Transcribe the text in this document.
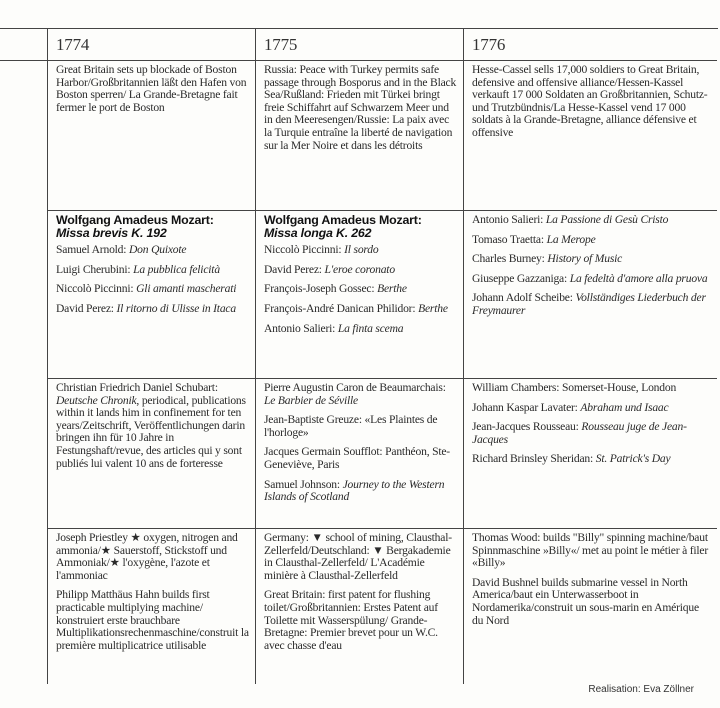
1774	1775	1776
Great Britain sets up blockade of Boston Harbor/Großbritannien läßt den Hafen von Boston sperren/ La Grande-Bretagne fait fermer le port de Boston
Russia: Peace with Turkey permits safe passage through Bosporus and in the Black Sea/Rußland: Frieden mit Türkei bringt freie Schiffahrt auf Schwarzem Meer und in den Meeresengen/Russie: La paix avec la Turquie entraîne la liberté de navigation sur la Mer Noire et dans les détroits
Hesse-Cassel sells 17,000 soldiers to Great Britain, defensive and offensive alliance/Hessen-Kassel verkauft 17 000 Soldaten an Großbritannien, Schutz- und Trutzbündnis/La Hesse-Kassel vend 17 000 soldats à la Grande-Bretagne, alliance défensive et offensive
Wolfgang Amadeus Mozart:
Missa brevis K. 192
Samuel Arnold: Don Quixote
Luigi Cherubini: La pubblica felicità
Niccolò Piccinni: Gli amanti mascherati
David Perez: Il ritorno di Ulisse in Itaca
Wolfgang Amadeus Mozart:
Missa longa K. 262
Niccolò Piccinni: Il sordo
David Perez: L'eroe coronato
François-Joseph Gossec: Berthe
François-André Danican Philidor: Berthe
Antonio Salieri: La finta scema
Antonio Salieri: La Passione di Gesù Cristo
Tomaso Traetta: La Merope
Charles Burney: History of Music
Giuseppe Gazzaniga: La fedeltà d'amore alla pruova
Johann Adolf Scheibe: Vollständiges Liederbuch der Freymaurer
Christian Friedrich Daniel Schubart: Deutsche Chronik, periodical, publications within it lands him in confinement for ten years/Zeitschrift, Veröffentlichungen darin bringen ihn für 10 Jahre in Festungshaft/revue, des articles qui y sont publiés lui valent 10 ans de forteresse
Pierre Augustin Caron de Beaumarchais: Le Barbier de Séville
Jean-Baptiste Greuze: «Les Plaintes de l'horloge»
Jacques Germain Soufflot: Panthéon, Ste-Geneviève, Paris
Samuel Johnson: Journey to the Western Islands of Scotland
William Chambers: Somerset-House, London
Johann Kaspar Lavater: Abraham und Isaac
Jean-Jacques Rousseau: Rousseau juge de Jean-Jacques
Richard Brinsley Sheridan: St. Patrick's Day
Joseph Priestley ★ oxygen, nitrogen and ammonia/★ Sauerstoff, Stickstoff und Ammoniak/★ l'oxygène, l'azote et l'ammoniac
Philipp Matthäus Hahn builds first practicable multiplying machine/ konstruiert erste brauchbare Multiplikationsrechenmaschine/construit la première multiplicatrice utilisable
Germany: ▼ school of mining, Clausthal-Zellerfeld/Deutschland: ▼ Bergakademie in Clausthal-Zellerfeld/ L'Académie minière à Clausthal-Zellerfeld
Great Britain: first patent for flushing toilet/Großbritannien: Erstes Patent auf Toilette mit Wasserspülung/ Grande-Bretagne: Premier brevet pour un W.C. avec chasse d'eau
Thomas Wood: builds "Billy" spinning machine/baut Spinnmaschine »Billy«/ met au point le métier à filer «Billy»
David Bushnel builds submarine vessel in North America/baut ein Unterwasserboot in Nordamerika/construit un sous-marin en Amérique du Nord
Realisation: Eva Zöllner
